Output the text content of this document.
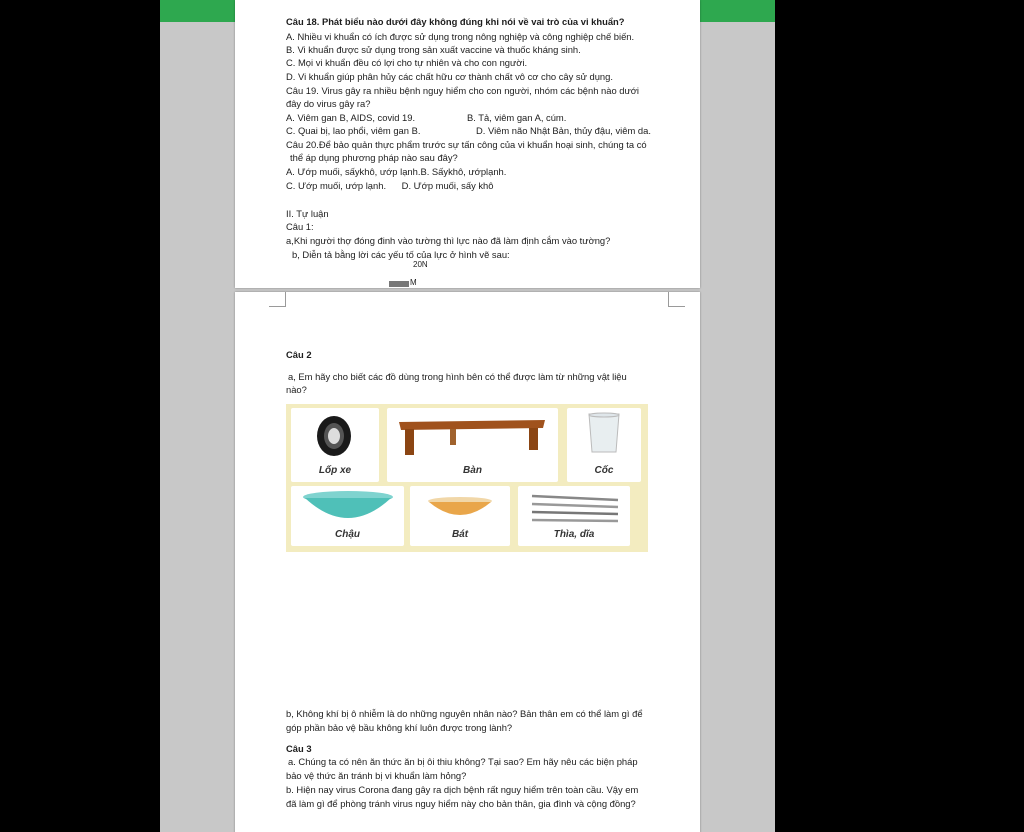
Câu 18. Phát biểu nào dưới đây không đúng khi nói về vai trò của vi khuẩn?
A. Nhiều vi khuẩn có ích được sử dụng trong nông nghiệp và công nghiệp chế biến.
B. Vi khuẩn được sử dụng trong sản xuất vaccine và thuốc kháng sinh.
C. Mọi vi khuẩn đều có lợi cho tự nhiên và cho con người.
D. Vi khuẩn giúp phân hủy các chất hữu cơ thành chất vô cơ cho cây sử dụng.
Câu 19. Virus gây ra nhiều bệnh nguy hiểm cho con người, nhóm các bệnh nào dưới
đây do virus gây ra?
A. Viêm gan B, AIDS, covid 19.	B. Tả, viêm gan A, cúm.
C. Quai bị, lao phổi, viêm gan B.	D. Viêm não Nhật Bản, thủy đậu, viêm da.
Câu 20.Để bảo quản thực phẩm trước sự tấn công của vi khuẩn hoại sinh, chúng ta có
thể áp dụng phương pháp nào sau đây?
A. Ướp muối, sấykhô, ướp lạnh.B. Sấykhô, ướplạnh.
C. Ướp muối, ướp lạnh.      D. Ướp muối, sấy khô
II. Tự luận
Câu 1:
a,Khi người thợ đóng đinh vào tường thì lực nào đã làm định cắm vào tường?
b, Diễn tả bằng lời các yếu tố của lực ở hình vẽ sau:
20N
M
Câu 2
a, Em hãy cho biết các đồ dùng trong hình bên có thể được làm từ những vật liệu
nào?
Lốp xe	Bàn	Cốc
Chậu	Bát	Thìa, dĩa
b, Không khí bị ô nhiễm là do những nguyên nhân nào? Bản thân em có thể làm gì để
góp phần bảo vệ bầu không khí luôn được trong lành?
Câu 3
a. Chúng ta có nên ăn thức ăn bị ôi thiu không? Tại sao? Em hãy nêu các biện pháp
bảo vệ thức ăn tránh bị vi khuẩn làm hỏng?
b. Hiện nay virus Corona đang gây ra dịch bệnh rất nguy hiểm trên toàn cầu. Vậy em
đã làm gì để phòng tránh virus nguy hiểm này cho bản thân, gia đình và cộng đồng?
